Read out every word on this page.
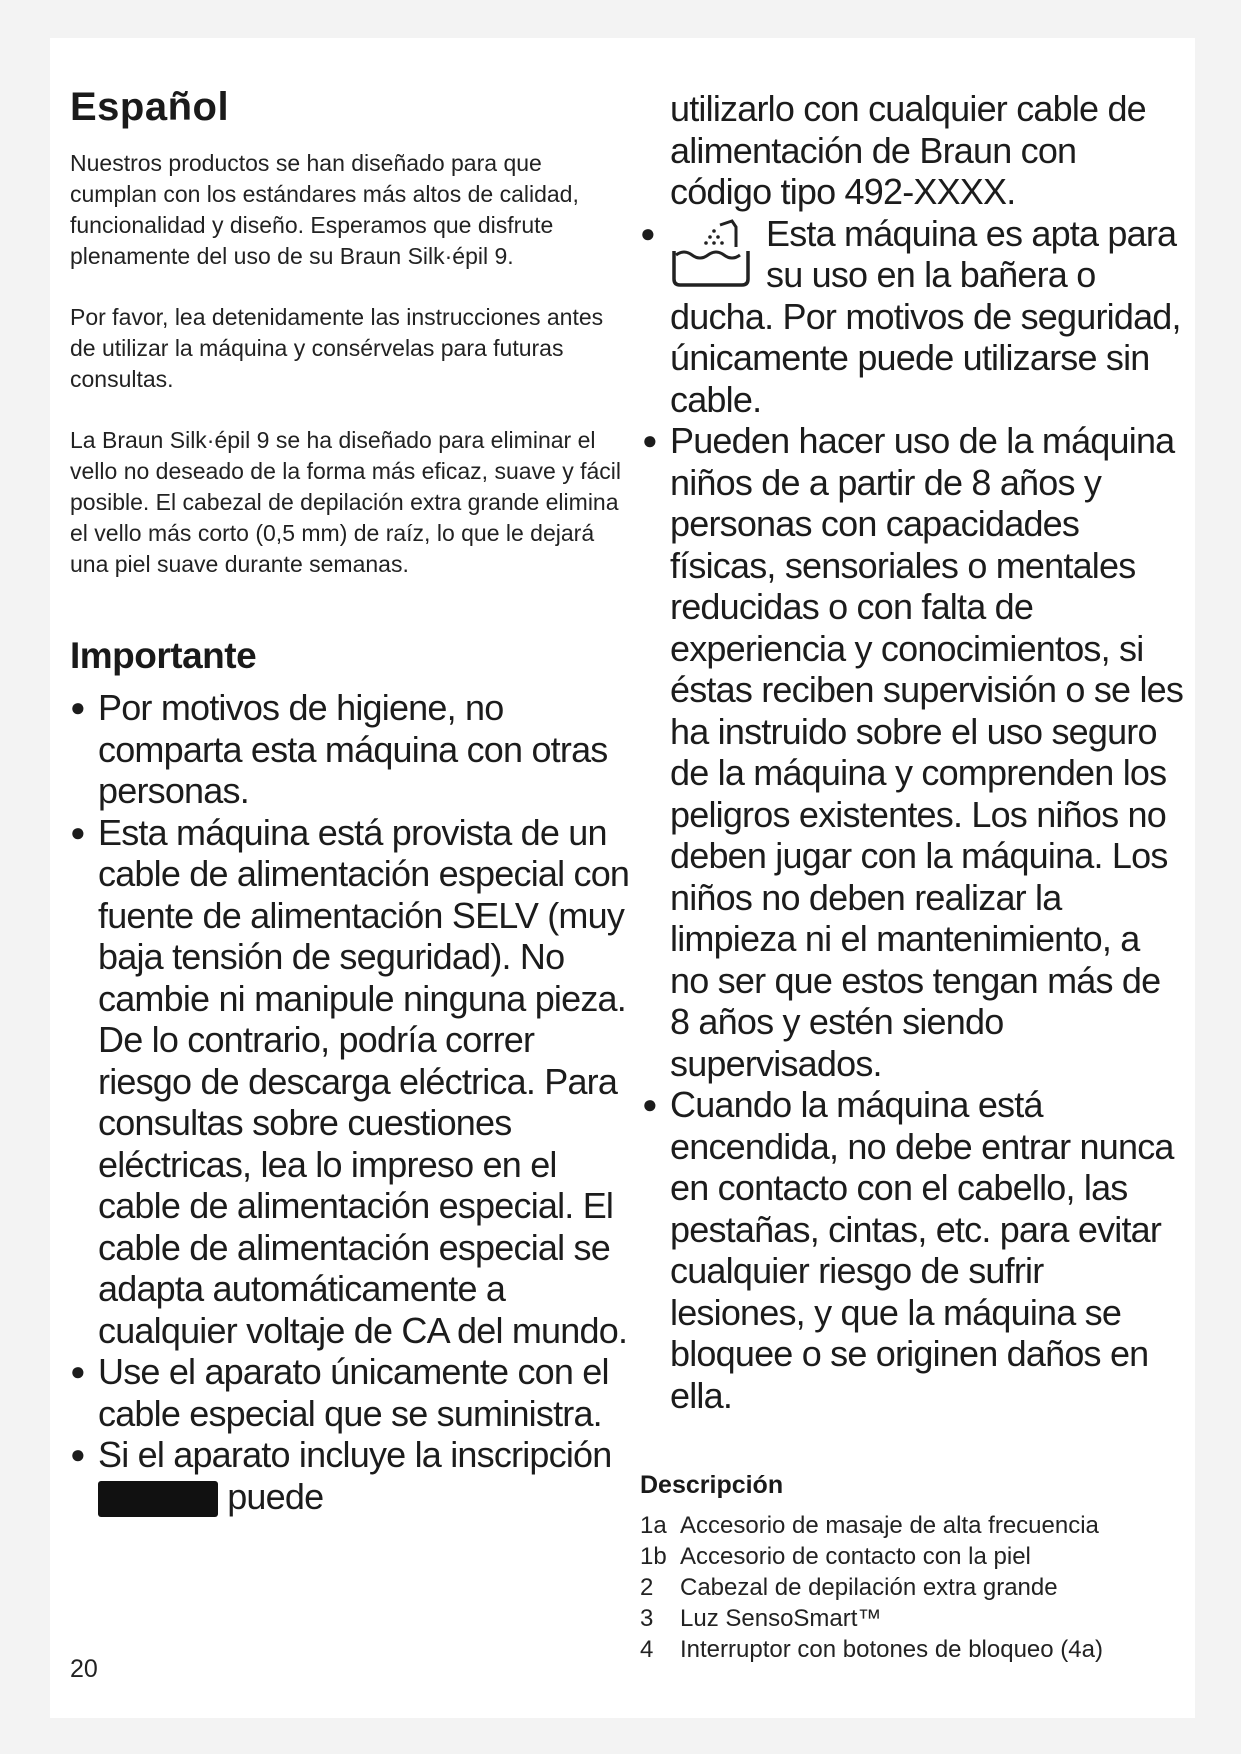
Español

Nuestros productos se han diseñado para que cumplan con los estándares más altos de calidad, funcionalidad y diseño. Esperamos que disfrute plenamente del uso de su Braun Silk·épil 9.

Por favor, lea detenidamente las instrucciones antes de utilizar la máquina y consérvelas para futuras consultas.

La Braun Silk·épil 9 se ha diseñado para eliminar el vello no deseado de la forma más eficaz, suave y fácil posible. El cabezal de depilación extra grande elimina el vello más corto (0,5 mm) de raíz, lo que le dejará una piel suave durante semanas.

Importante
● Por motivos de higiene, no comparta esta máquina con otras personas.
● Esta máquina está provista de un cable de alimentación especial con fuente de alimentación SELV (muy baja tensión de seguridad). No cambie ni manipule ninguna pieza. De lo contrario, podría correr riesgo de descarga eléctrica. Para consultas sobre cuestiones eléctricas, lea lo impreso en el cable de alimentación especial. El cable de alimentación especial se adapta automáticamente a cualquier voltaje de CA del mundo.
● Use el aparato únicamente con el cable especial que se suministra.
● Si el aparato incluye la inscripción  puede
utilizarlo con cualquier cable de alimentación de Braun con código tipo 492-XXXX.
● Esta máquina es apta para su uso en la bañera o ducha. Por motivos de seguridad, únicamente puede utilizarse sin cable.
● Pueden hacer uso de la máquina niños de a partir de 8 años y personas con capacidades físicas, sensoriales o mentales reducidas o con falta de experiencia y conocimientos, si éstas reciben supervisión o se les ha instruido sobre el uso seguro de la máquina y comprenden los peligros existentes. Los niños no deben jugar con la máquina. Los niños no deben realizar la limpieza ni el mantenimiento, a no ser que estos tengan más de 8 años y estén siendo supervisados.
● Cuando la máquina está encendida, no debe entrar nunca en contacto con el cabello, las pestañas, cintas, etc. para evitar cualquier riesgo de sufrir lesiones, y que la máquina se bloquee o se originen daños en ella.
Descripción
1a Accesorio de masaje de alta frecuencia
1b Accesorio de contacto con la piel
2 Cabezal de depilación extra grande
3 Luz SensoSmart™
4 Interruptor con botones de bloqueo (4a)
20
